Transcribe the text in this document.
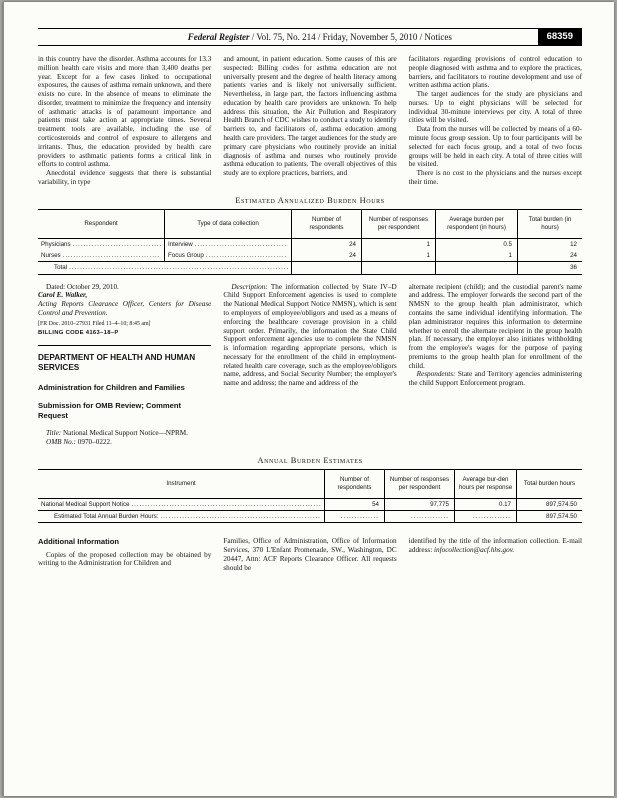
Federal Register / Vol. 75, No. 214 / Friday, November 5, 2010 / Notices	68359

in this country have the disorder. Asthma accounts for 13.3 million health care visits and more than 3,400 deaths per year. Except for a few cases linked to occupational exposures, the causes of asthma remain unknown, and there exists no cure. In the absence of means to eliminate the disorder, treatment to minimize the frequency and intensity of asthmatic attacks is of paramount importance and patients must take action at appropriate times. Several treatment tools are available, including the use of corticosteroids and control of exposure to allergens and irritants. Thus, the education provided by health care providers to asthmatic patients forms a critical link in efforts to control asthma.

Anecdotal evidence suggests that there is substantial variability, in type

and amount, in patient education. Some causes of this are suspected: Billing codes for asthma education are not universally present and the degree of health literacy among patients varies and is likely not universally sufficient. Nevertheless, in large part, the factors influencing asthma education by health care providers are unknown. To help address this situation, the Air Pollution and Respiratory Health Branch of CDC wishes to conduct a study to identify barriers to, and facilitators of, asthma education among health care providers. The target audiences for the study are primary care physicians who routinely provide an initial diagnosis of asthma and nurses who routinely provide asthma education to patients. The overall objectives of this study are to explore practices, barriers, and

facilitators regarding provisions of control education to people diagnosed with asthma and to explore the practices, barriers, and facilitators to routine development and use of written asthma action plans.

The target audiences for the study are physicians and nurses. Up to eight physicians will be selected for individual 30-minute interviews per city. A total of three cities will be visited.

Data from the nurses will be collected by means of a 60-minute focus group session. Up to four participants will be selected for each focus group, and a total of two focus groups will be held in each city. A total of three cities will be visited.

There is no cost to the physicians and the nurses except their time.

Estimated Annualized Burden Hours
Respondent	Type of data collection
Number of respondents
Number of responses per respondent
Average burden per respondent (in hours)
Total burden (in hours)
Physicians .....	Interview .....	24	1	0.5	12
Nurses .....	Focus Group .....	24	1	1	24
Total .....	36

Dated: October 29, 2010.

Carol E. Walker,

Acting Reports Clearance Officer, Centers for Disease Control and Prevention.

[FR Doc. 2010–27931 Filed 11–4–10; 8:45 am]

BILLING CODE 4163–18–P

DEPARTMENT OF HEALTH AND HUMAN SERVICES
Administration for Children and Families
Submission for OMB Review; Comment Request

Title: National Medical Support Notice—NPRM.

OMB No.: 0970–0222.

Description: The information collected by State IV–D Child Support Enforcement agencies is used to complete the National Medical Support Notice NMSN), which is sent to employers of employee/obligors and used as a means of enforcing the healthcare coverage provision in a child support order. Primarily, the information the State Child Support enforcement agencies use to complete the NMSN is information regarding appropriate persons, which is necessary for the enrollment of the child in employment-related health care coverage, such as the employee/obligors name, address, and Social Security Number; the employer's name and address; the name and address of the

alternate recipient (child); and the custodial parent's name and address. The employer forwards the second part of the NMSN to the group health plan administrator, which contains the same individual identifying information. The plan administrator requires this information to determine whether to enroll the alternate recipient in the group health plan. If necessary, the employer also initiates withholding from the employee's wages for the purpose of paying premiums to the group health plan for enrollment of the child.

Respondents: State and Territory agencies administering the child Support Enforcement program.

Annual Burden Estimates
Instrument
Number of respondents
Number of responses per respondent
Average bur-den hours per response
Total burden hours
National Medical Support Notice .....	54	97,775	0.17	897,574.50
Estimated Total Annual Burden Hours: ..... ..... ..... .....	897,574.50
Additional Information

Copies of the proposed collection may be obtained by writing to the Administration for Children and

Families, Office of Administration, Office of Information Services, 370 L'Enfant Promenade, SW., Washington, DC 20447, Attn: ACF Reports Clearance Officer. All requests should be

identified by the title of the information collection. E-mail address: infocollection@acf.hhs.gov.
